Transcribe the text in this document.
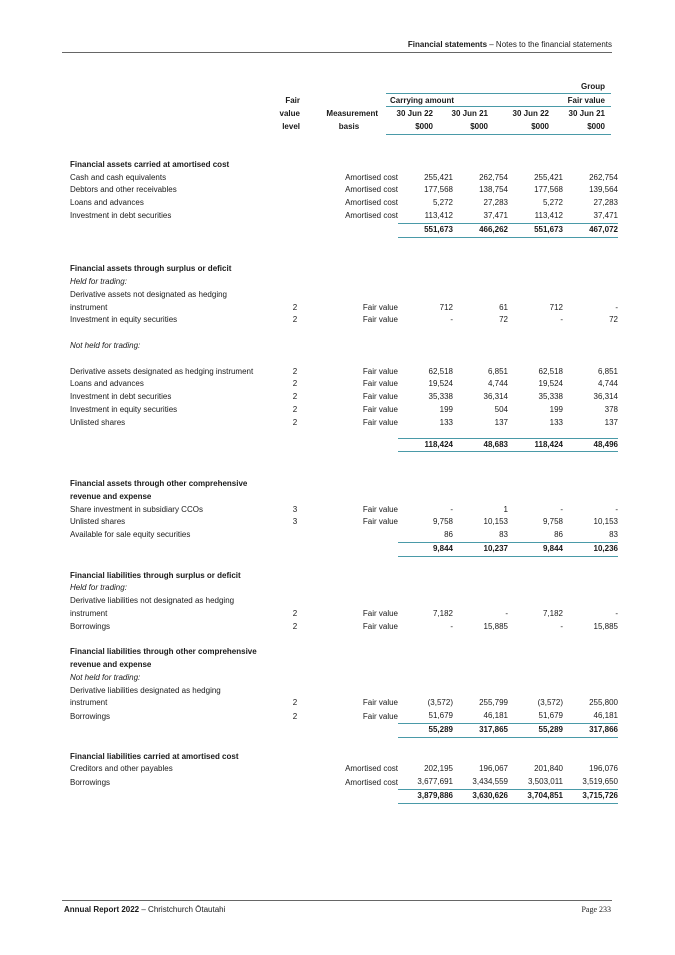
Financial statements – Notes to the financial statements
Group
Fair
value
level
Measurement
basis
Carrying amount	Fair value
30 Jun 22	30 Jun 21	30 Jun 22	30 Jun 21
$000	$000	$000	$000

Financial assets carried at amortised cost						
Cash and cash equivalents		Amortised cost	255,421	262,754	255,421	262,754
Debtors and other receivables		Amortised cost	177,568	138,754	177,568	139,564
Loans and advances		Amortised cost	5,272	27,283	5,272	27,283
Investment in debt securities		Amortised cost	113,412	37,471	113,412	37,471
			551,673	466,262	551,673	467,072

Financial assets through surplus or deficit						
Held for trading:						
Derivative assets not designated as hedging						
instrument	2	Fair value	712	61	712	-
Investment in equity securities	2	Fair value	-	72	-	72

Not held for trading:						

Derivative assets designated as hedging instrument	2	Fair value	62,518	6,851	62,518	6,851
Loans and advances	2	Fair value	19,524	4,744	19,524	4,744
Investment in debt securities	2	Fair value	35,338	36,314	35,338	36,314
Investment in equity securities	2	Fair value	199	504	199	378
Unlisted shares	2	Fair value	133	137	133	137

			118,424	48,683	118,424	48,496

Financial assets through other comprehensive						
revenue and expense						
Share investment in subsidiary CCOs	3	Fair value	-	1	-	-
Unlisted shares	3	Fair value	9,758	10,153	9,758	10,153
Available for sale equity securities			86	83	86	83
			9,844	10,237	9,844	10,236

Financial liabilities through surplus or deficit						
Held for trading:						
Derivative liabilities not designated as hedging						
instrument	2	Fair value	7,182	-	7,182	-
Borrowings	2	Fair value	-	15,885	-	15,885

Financial liabilities through other comprehensive						
revenue and expense						
Not held for trading:						
Derivative liabilities designated as hedging						
instrument	2	Fair value	(3,572)	255,799	(3,572)	255,800
Borrowings	2	Fair value	51,679	46,181	51,679	46,181
			55,289	317,865	55,289	317,866

Financial liabilities carried at amortised cost						
Creditors and other payables		Amortised cost	202,195	196,067	201,840	196,076
Borrowings		Amortised cost	3,677,691	3,434,559	3,503,011	3,519,650
			3,879,886	3,630,626	3,704,851	3,715,726
Annual Report 2022 – Christchurch Ōtautahi	Page 233
